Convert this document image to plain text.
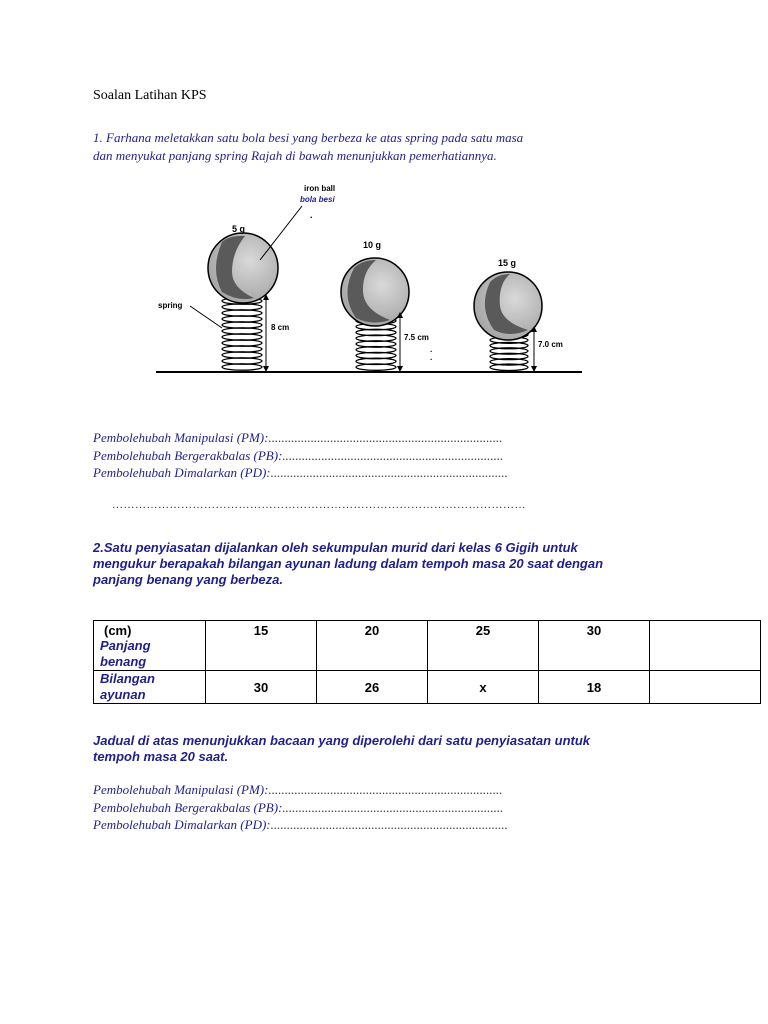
Soalan Latihan KPS
1. Farhana meletakkan satu bola besi yang berbeza ke atas spring pada satu masa
dan menyukat panjang spring Rajah di bawah menunjukkan pemerhatiannya.
5 g
8 cm
iron ball
bola besi
.
spring
10 g
7.5 cm
.
.
15 g
7.0 cm
Pembolehubah Manipulasi (PM):........................................................................
Pembolehubah Bergerakbalas (PB):....................................................................
Pembolehubah Dimalarkan (PD):.........................................................................
………………………………………………………………………………………………
2.Satu penyiasatan dijalankan oleh sekumpulan murid dari kelas 6 Gigih untuk
mengukur berapakah bilangan ayunan ladung dalam tempoh masa 20 saat dengan
panjang benang yang berbeza.
(cm)
Panjang
benang	15	20	25	30	

Bilangan
ayunan	30	26	x	18	
Jadual di atas menunjukkan bacaan yang diperolehi dari satu penyiasatan untuk
tempoh masa 20 saat.
Pembolehubah Manipulasi (PM):........................................................................
Pembolehubah Bergerakbalas (PB):....................................................................
Pembolehubah Dimalarkan (PD):.........................................................................
